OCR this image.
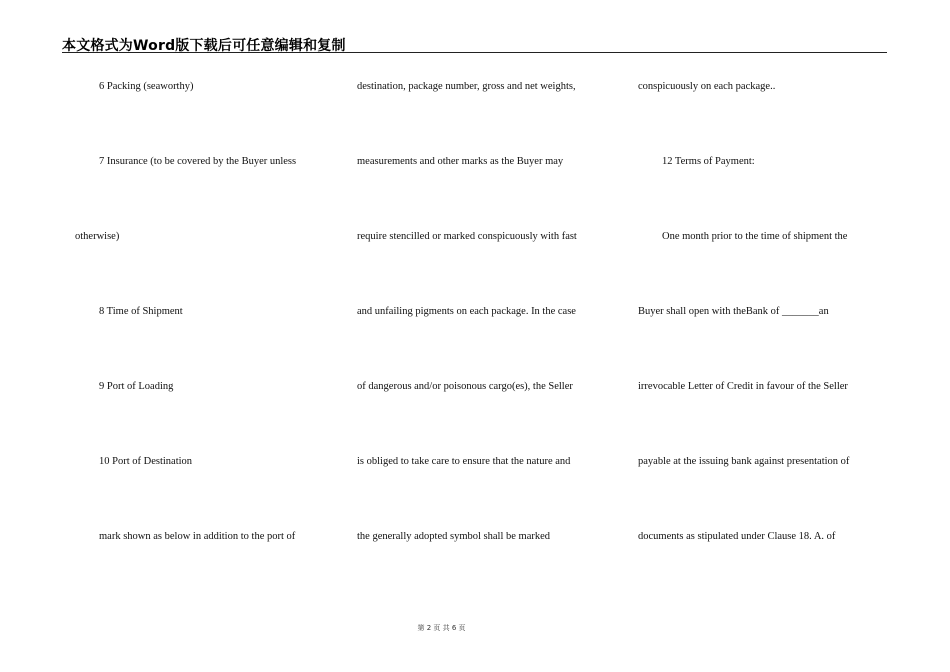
本文格式为Word版下载后可任意编辑和复制
6 Packing (seaworthy)
7 Insurance (to be covered by the Buyer unless
otherwise)
8 Time of Shipment
9 Port of Loading
10 Port of Destination
mark shown as below in addition to the port of
destination, package number, gross and net weights,
measurements and other marks as the Buyer may
require stencilled or marked conspicuously with fast
and unfailing pigments on each package. In the case
of dangerous and/or poisonous cargo(es), the Seller
is obliged to take care to ensure that the nature and
the generally adopted symbol shall be marked
conspicuously on each package..
12 Terms of Payment:
One month prior to the time of shipment the
Buyer shall open with theBank of _______an
irrevocable Letter of Credit in favour of the Seller
payable at the issuing bank against presentation of
documents as stipulated under Clause 18. A. of
第 2 页 共 6 页
